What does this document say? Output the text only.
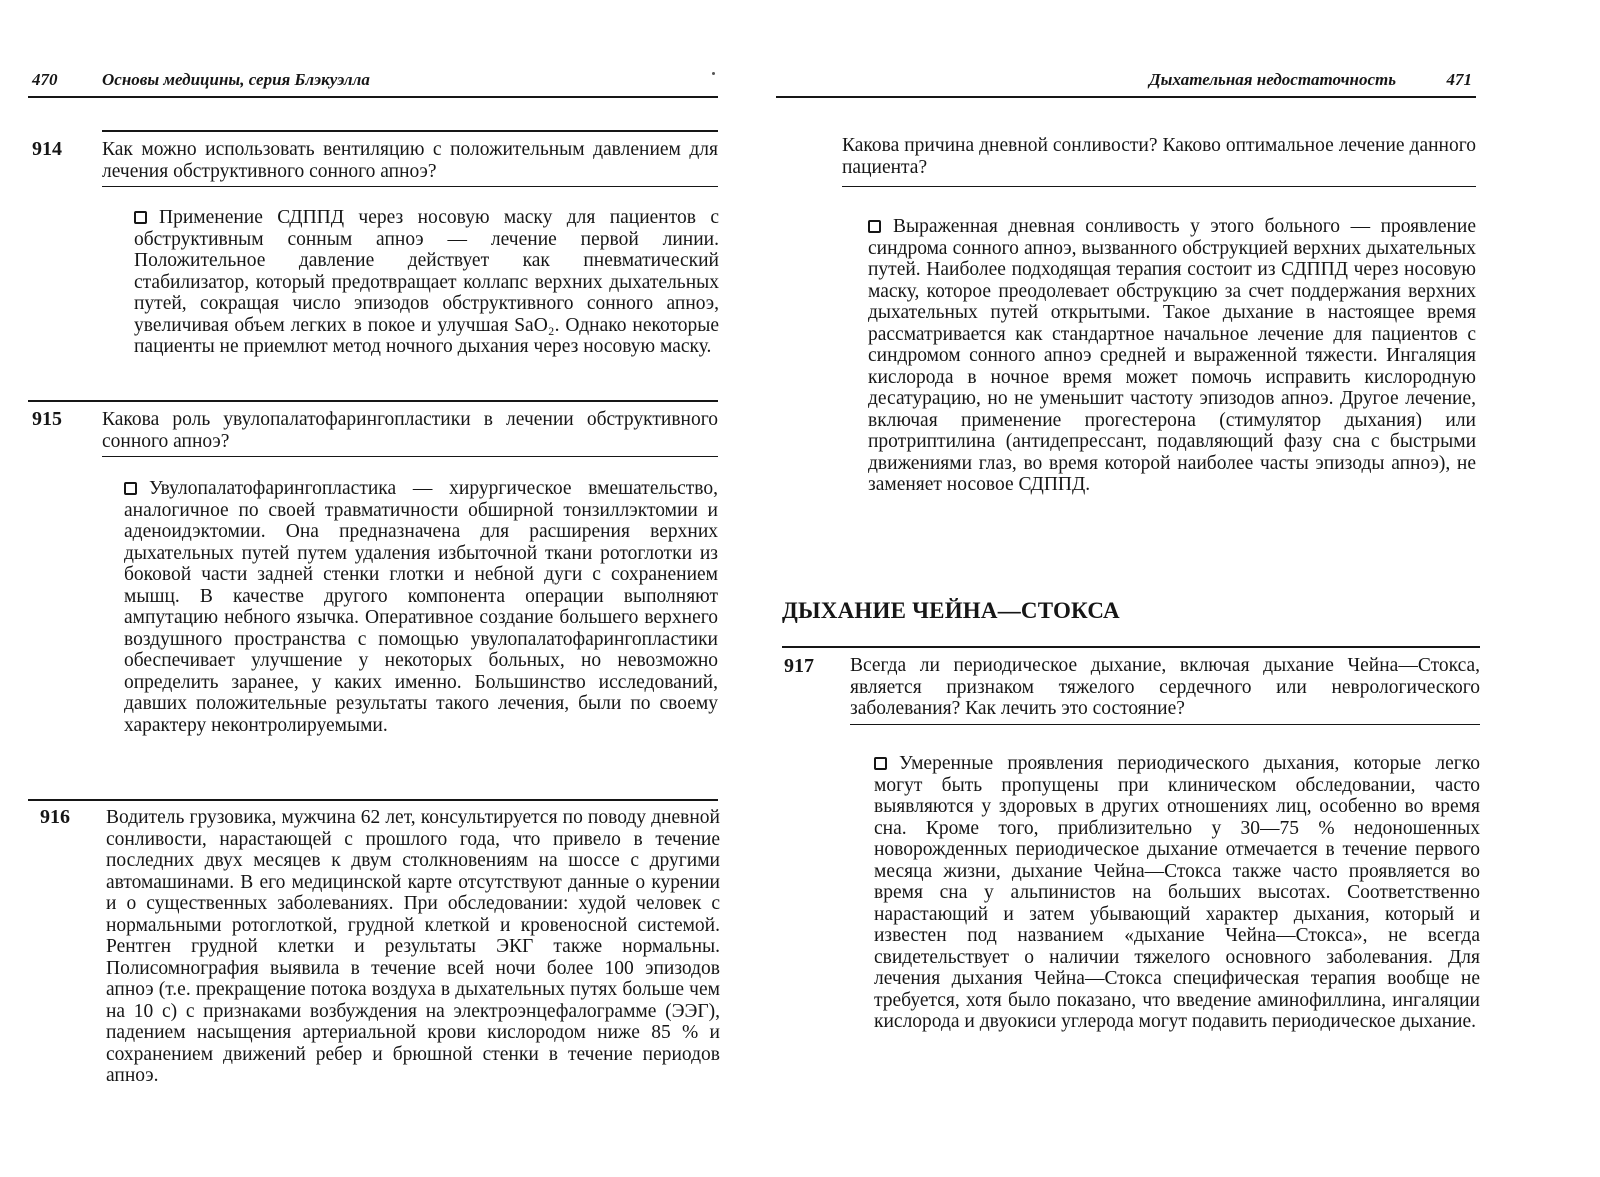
470	Основы медицины, серия Блэкуэлла
914 Как можно использовать вентиляцию с положительным давлением для лечения обструктивного сонного апноэ?
Применение СДППД через носовую маску для пациентов с обструктивным сонным апноэ — лечение первой линии. Положительное давление действует как пневматический стабилизатор, который предотвращает коллапс верхних дыхательных путей, сокращая число эпизодов обструктивного сонного апноэ, увеличивая объем легких в покое и улучшая SaO₂. Однако некоторые пациенты не приемлют метод ночного дыхания через носовую маску.
915 Какова роль увулопалатофарингопластики в лечении обструктивного сонного апноэ?
Увулопалатофарингопластика — хирургическое вмешательство, аналогичное по своей травматичности обширной тонзиллэктомии и аденоидэктомии. Она предназначена для расширения верхних дыхательных путей путем удаления избыточной ткани ротоглотки из боковой части задней стенки глотки и небной дуги с сохранением мышц. В качестве другого компонента операции выполняют ампутацию небного язычка. Оперативное создание большего верхнего воздушного пространства с помощью увулопалатофарингопластики обеспечивает улучшение у некоторых больных, но невозможно определить заранее, у каких именно. Большинство исследований, давших положительные результаты такого лечения, были по своему характеру неконтролируемыми.
916 Водитель грузовика, мужчина 62 лет, консультируется по поводу дневной сонливости, нарастающей с прошлого года, что привело в течение последних двух месяцев к двум столкновениям на шоссе с другими автомашинами. В его медицинской карте отсутствуют данные о курении и о существенных заболеваниях. При обследовании: худой человек с нормальными ротоглоткой, грудной клеткой и кровеносной системой. Рентген грудной клетки и результаты ЭКГ также нормальны. Полисомнография выявила в течение всей ночи более 100 эпизодов апноэ (т.е. прекращение потока воздуха в дыхательных путях больше чем на 10 с) с признаками возбуждения на электроэнцефалограмме (ЭЭГ), падением насыщения артериальной крови кислородом ниже 85 % и сохранением движений ребер и брюшной стенки в течение периодов апноэ.
Дыхательная недостаточность	471
Какова причина дневной сонливости? Каково оптимальное лечение данного пациента?
Выраженная дневная сонливость у этого больного — проявление синдрома сонного апноэ, вызванного обструкцией верхних дыхательных путей. Наиболее подходящая терапия состоит из СДППД через носовую маску, которое преодолевает обструкцию за счет поддержания верхних дыхательных путей открытыми. Такое дыхание в настоящее время рассматривается как стандартное начальное лечение для пациентов с синдромом сонного апноэ средней и выраженной тяжести. Ингаляция кислорода в ночное время может помочь исправить кислородную десатурацию, но не уменьшит частоту эпизодов апноэ. Другое лечение, включая применение прогестерона (стимулятор дыхания) или протриптилина (антидепрессант, подавляющий фазу сна с быстрыми движениями глаз, во время которой наиболее часты эпизоды апноэ), не заменяет носовое СДППД.
ДЫХАНИЕ ЧЕЙНА—СТОКСА
917 Всегда ли периодическое дыхание, включая дыхание Чейна—Стокса, является признаком тяжелого сердечного или неврологического заболевания? Как лечить это состояние?
Умеренные проявления периодического дыхания, которые легко могут быть пропущены при клиническом обследовании, часто выявляются у здоровых в других отношениях лиц, особенно во время сна. Кроме того, приблизительно у 30—75 % недоношенных новорожденных периодическое дыхание отмечается в течение первого месяца жизни, дыхание Чейна—Стокса также часто проявляется во время сна у альпинистов на больших высотах. Соответственно нарастающий и затем убывающий характер дыхания, который и известен под названием «дыхание Чейна—Стокса», не всегда свидетельствует о наличии тяжелого основного заболевания. Для лечения дыхания Чейна—Стокса специфическая терапия вообще не требуется, хотя было показано, что введение аминофиллина, ингаляции кислорода и двуокиси углерода могут подавить периодическое дыхание.
